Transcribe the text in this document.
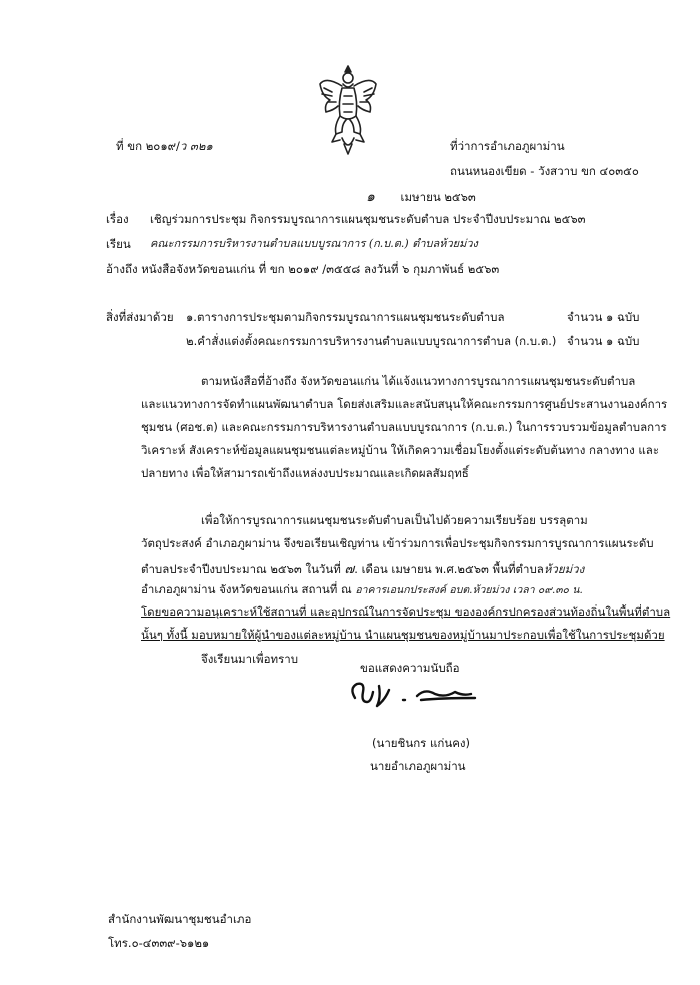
ที่ ขก ๒๐๑๙/ว ๓๒๑	ที่ว่าการอำเภอภูผาม่าน
ถนนหนองเขียด - วังสวาบ ขก ๔๐๓๕๐
๑ เมษายน ๒๕๖๓
เรื่อง เชิญร่วมการประชุม กิจกรรมบูรณาการแผนชุมชนระดับตำบล ประจำปีงบประมาณ ๒๕๖๓
เรียน คณะกรรมการบริหารงานตำบลแบบบูรณาการ (ก.บ.ต.) ตำบลห้วยม่วง
อ้างถึง หนังสือจังหวัดขอนแก่น ที่ ขก ๒๐๑๙ /๓๕๕๘ ลงวันที่ ๖ กุมภาพันธ์ ๒๕๖๓
สิ่งที่ส่งมาด้วย ๑.ตารางการประชุมตามกิจกรรมบูรณาการแผนชุมชนระดับตำบล	จำนวน ๑ ฉบับ
๒.คำสั่งแต่งตั้งคณะกรรมการบริหารงานตำบลแบบบูรณาการตำบล (ก.บ.ต.) จำนวน ๑ ฉบับ
ตามหนังสือที่อ้างถึง จังหวัดขอนแก่น ได้แจ้งแนวทางการบูรณาการแผนชุมชนระดับตำบล
และแนวทางการจัดทำแผนพัฒนาตำบล โดยส่งเสริมและสนับสนุนให้คณะกรรมการศูนย์ประสานงานองค์การ
ชุมชน (ศอช.ต) และคณะกรรมการบริหารงานตำบลแบบบูรณาการ (ก.บ.ต.) ในการรวบรวมข้อมูลตำบลการ
วิเคราะห์ สังเคราะห์ข้อมูลแผนชุมชนแต่ละหมู่บ้าน ให้เกิดความเชื่อมโยงตั้งแต่ระดับต้นทาง กลางทาง และ
ปลายทาง เพื่อให้สามารถเข้าถึงแหล่งงบประมาณและเกิดผลสัมฤทธิ์
เพื่อให้การบูรณาการแผนชุมชนระดับตำบลเป็นไปด้วยความเรียบร้อย บรรลุตาม
วัตถุประสงค์ อำเภอภูผาม่าน จึงขอเรียนเชิญท่าน เข้าร่วมการเพื่อประชุมกิจกรรมการบูรณาการแผนระดับ
ตำบลประจำปีงบประมาณ ๒๕๖๓ ในวันที่ ๗. เดือน เมษายน พ.ศ.๒๕๖๓ พื้นที่ตำบลห้วยม่วง
อำเภอภูผาม่าน จังหวัดขอนแก่น สถานที่ ณ อาคารเอนกประสงค์ อบต.ห้วยม่วง เวลา ๐๙.๓๐ น.
โดยขอความอนุเคราะห์ใช้สถานที่ และอุปกรณ์ในการจัดประชุม ขององค์กรปกครองส่วนท้องถิ่นในพื้นที่ตำบล
นั้นๆ ทั้งนี้ มอบหมายให้ผู้นำของแต่ละหมู่บ้าน นำแผนชุมชนของหมู่บ้านมาประกอบเพื่อใช้ในการประชุมด้วย
จึงเรียนมาเพื่อทราบ
ขอแสดงความนับถือ
(นายชินกร แก่นคง)
นายอำเภอภูผาม่าน
สำนักงานพัฒนาชุมชนอำเภอ
โทร.๐-๔๓๓๙-๖๑๒๑
